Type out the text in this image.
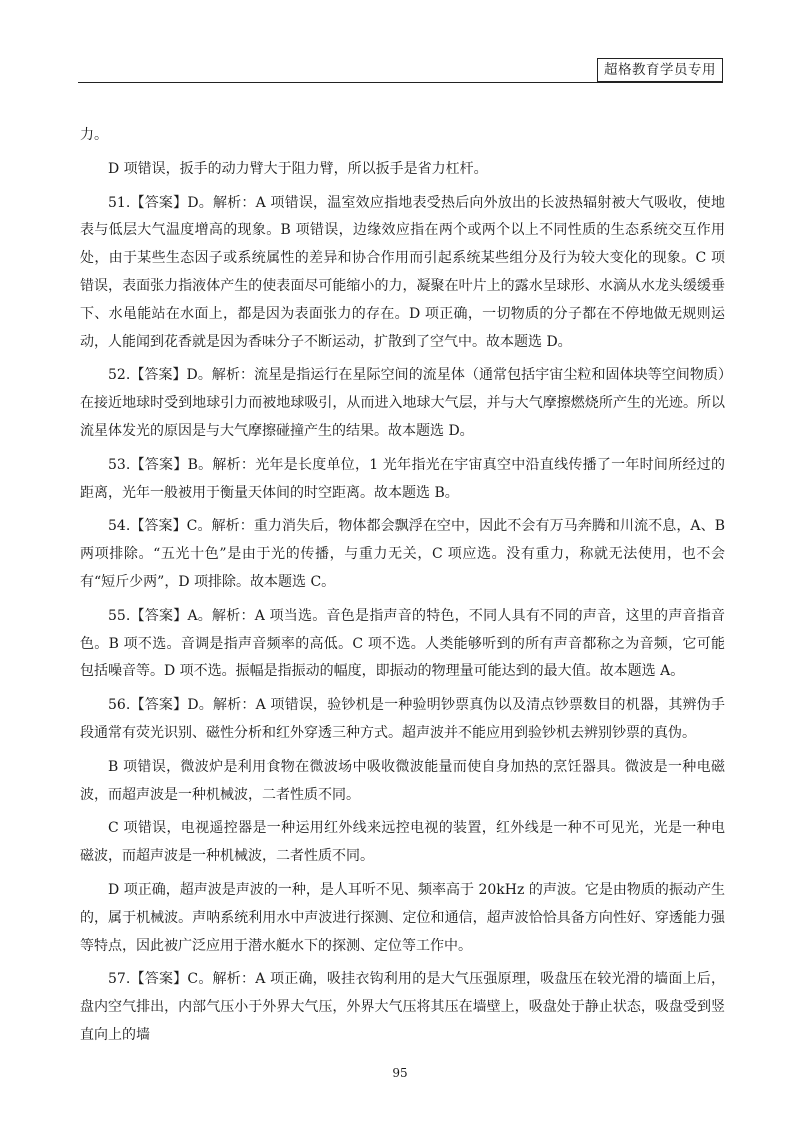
超格教育学员专用

力。

D 项错误，扳手的动力臂大于阻力臂，所以扳手是省力杠杆。

51.【答案】D。解析：A 项错误，温室效应指地表受热后向外放出的长波热辐射被大气吸收，使地表与低层大气温度增高的现象。B 项错误，边缘效应指在两个或两个以上不同性质的生态系统交互作用处，由于某些生态因子或系统属性的差异和协合作用而引起系统某些组分及行为较大变化的现象。C 项错误，表面张力指液体产生的使表面尽可能缩小的力，凝聚在叶片上的露水呈球形、水滴从水龙头缓缓垂下、水黾能站在水面上，都是因为表面张力的存在。D 项正确，一切物质的分子都在不停地做无规则运动，人能闻到花香就是因为香味分子不断运动，扩散到了空气中。故本题选 D。

52.【答案】D。解析：流星是指运行在星际空间的流星体（通常包括宇宙尘粒和固体块等空间物质）在接近地球时受到地球引力而被地球吸引，从而进入地球大气层，并与大气摩擦燃烧所产生的光迹。所以流星体发光的原因是与大气摩擦碰撞产生的结果。故本题选 D。

53.【答案】B。解析：光年是长度单位，1 光年指光在宇宙真空中沿直线传播了一年时间所经过的距离，光年一般被用于衡量天体间的时空距离。故本题选 B。

54.【答案】C。解析：重力消失后，物体都会飘浮在空中，因此不会有万马奔腾和川流不息，A、B 两项排除。“五光十色”是由于光的传播，与重力无关，C 项应选。没有重力，称就无法使用，也不会有“短斤少两”，D 项排除。故本题选 C。

55.【答案】A。解析：A 项当选。音色是指声音的特色，不同人具有不同的声音，这里的声音指音色。B 项不选。音调是指声音频率的高低。C 项不选。人类能够听到的所有声音都称之为音频，它可能包括噪音等。D 项不选。振幅是指振动的幅度，即振动的物理量可能达到的最大值。故本题选 A。

56.【答案】D。解析：A 项错误，验钞机是一种验明钞票真伪以及清点钞票数目的机器，其辨伪手段通常有荧光识别、磁性分析和红外穿透三种方式。超声波并不能应用到验钞机去辨别钞票的真伪。

B 项错误，微波炉是利用食物在微波场中吸收微波能量而使自身加热的烹饪器具。微波是一种电磁波，而超声波是一种机械波，二者性质不同。

C 项错误，电视遥控器是一种运用红外线来远控电视的装置，红外线是一种不可见光，光是一种电磁波，而超声波是一种机械波，二者性质不同。

D 项正确，超声波是声波的一种，是人耳听不见、频率高于 20kHz 的声波。它是由物质的振动产生的，属于机械波。声呐系统利用水中声波进行探测、定位和通信，超声波恰恰具备方向性好、穿透能力强等特点，因此被广泛应用于潜水艇水下的探测、定位等工作中。

57.【答案】C。解析：A 项正确，吸挂衣钩利用的是大气压强原理，吸盘压在较光滑的墙面上后，盘内空气排出，内部气压小于外界大气压，外界大气压将其压在墙壁上，吸盘处于静止状态，吸盘受到竖直向上的墙

95
